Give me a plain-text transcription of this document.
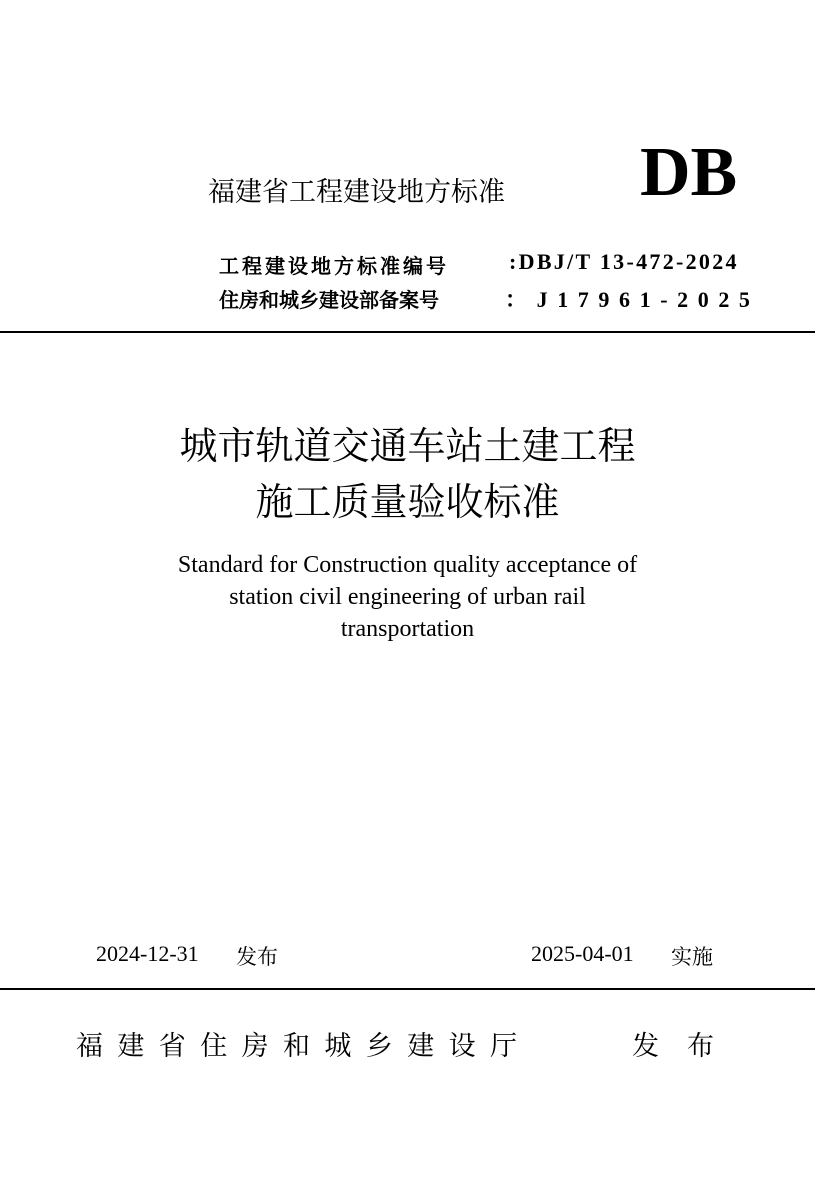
福建省工程建设地方标准 DB
工程建设地方标准编号	:DBJ/T 13-472-2024
住房和城乡建设部备案号	：J17961-2025
城市轨道交通车站土建工程
施工质量验收标准
Standard for Construction quality acceptance of
station civil engineering of urban rail
transportation
2024-12-31 发布	2025-04-01 实施
福建省住房和城乡建设厅	发布
